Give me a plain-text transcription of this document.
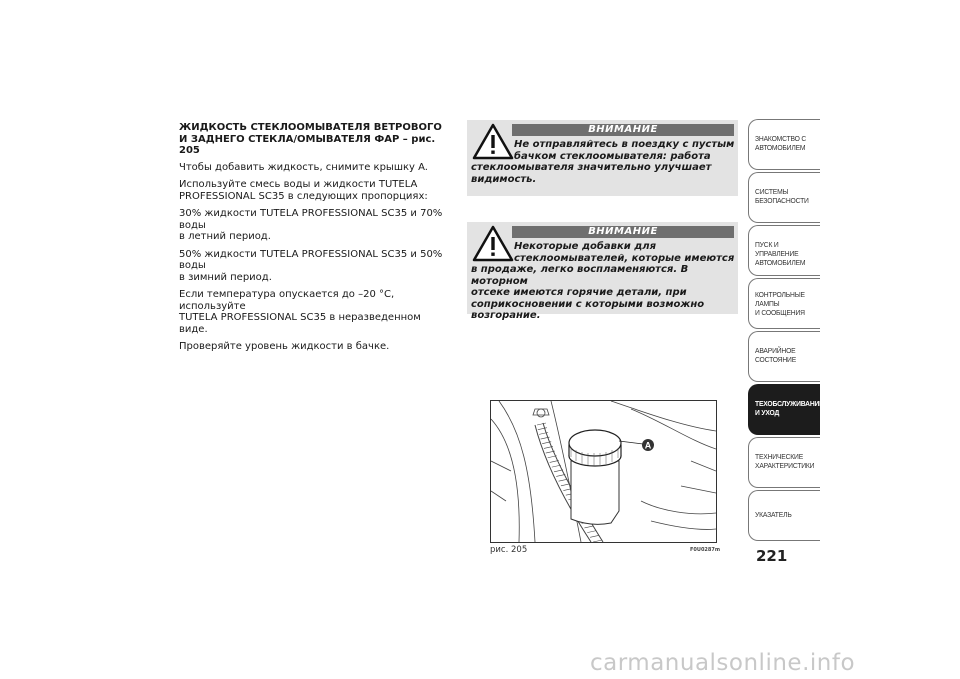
ЖИДКОСТЬ СТЕКЛООМЫВАТЕЛЯ ВЕТРОВОГО
И ЗАДНЕГО СТЕКЛА/ОМЫВАТЕЛЯ ФАР – рис. 205

Чтобы добавить жидкость, снимите крышку A.

Используйте смесь воды и жидкости TUTELA
PROFESSIONAL SC35 в следующих пропорциях:

30% жидкости TUTELA PROFESSIONAL SC35 и 70% воды
в летний период.

50% жидкости TUTELA PROFESSIONAL SC35 и 50% воды
в зимний период.

Если температура опускается до –20 °C, используйте
TUTELA PROFESSIONAL SC35 в неразведенном виде.

Проверяйте уровень жидкости в бачке.

ВНИМАНИЕ
Не отправляйтесь в поездку с пустым
бачком стеклоомывателя: работа
стеклоомывателя значительно улучшает
видимость.
ВНИМАНИЕ
Некоторые добавки для
стеклоомывателей, которые имеются
в продаже, легко воспламеняются. В моторном
отсеке имеются горячие детали, при
соприкосновении с которыми возможно
возгорание.
A
рис. 205	F0U0287m
ЗНАКОМСТВО С
АВТОМОБИЛЕМ
СИСТЕМЫ
БЕЗОПАСНОСТИ
ПУСК И УПРАВЛЕНИЕ
АВТОМОБИЛЕМ
КОНТРОЛЬНЫЕ
ЛАМПЫ
И СООБЩЕНИЯ
АВАРИЙНОЕ
СОСТОЯНИЕ
ТЕХОБСЛУЖИВАНИЕ
И УХОД
ТЕХНИЧЕСКИЕ
ХАРАКТЕРИСТИКИ
УКАЗАТЕЛЬ
221
carmanualsonline.info
